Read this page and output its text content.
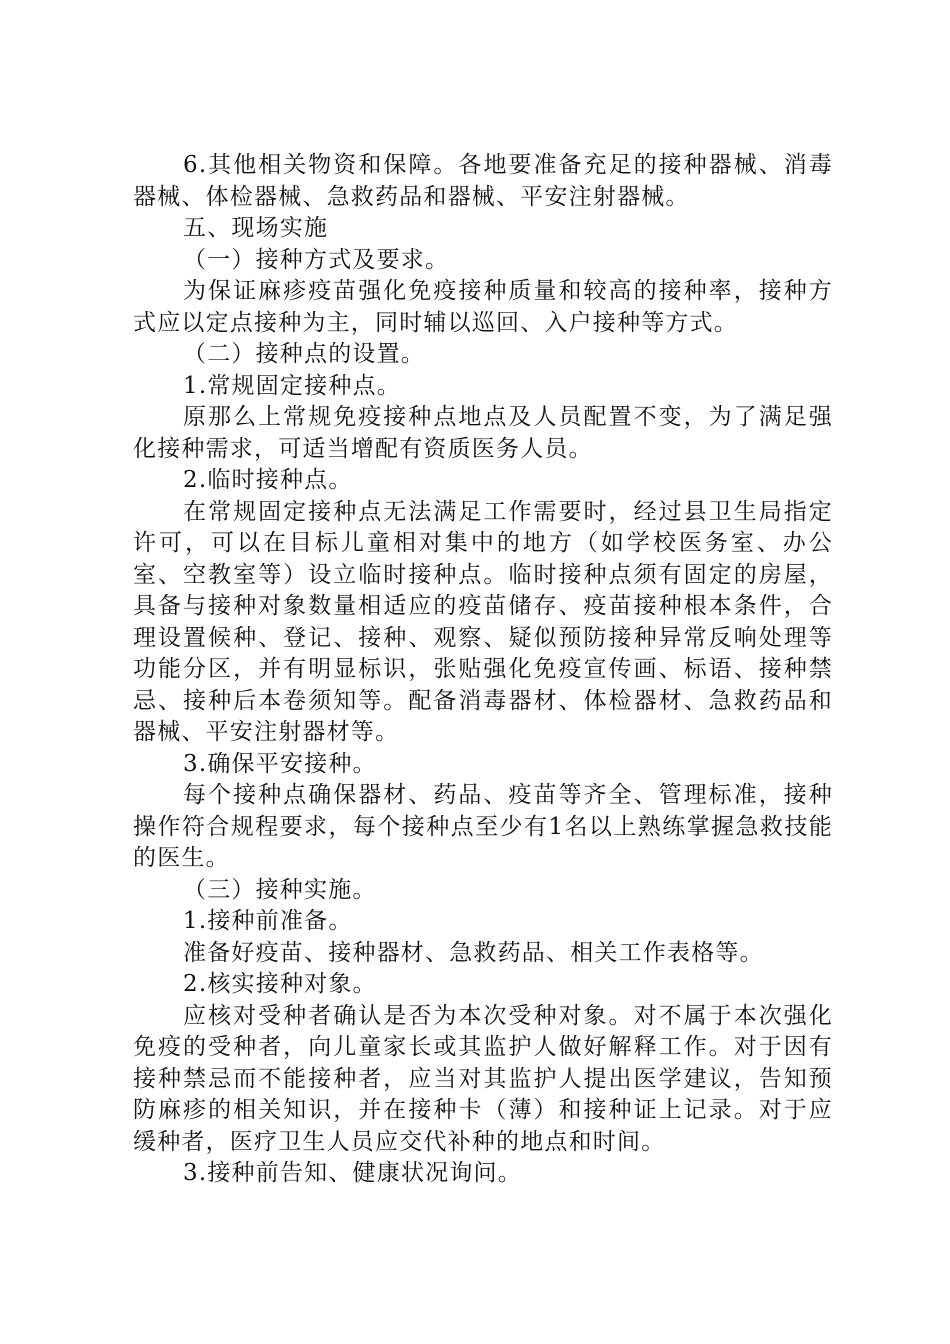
6.其他相关物资和保障。各地要准备充足的接种器械、消毒器械、体检器械、急救药品和器械、平安注射器械。

五、现场实施

（一）接种方式及要求。

为保证麻疹疫苗强化免疫接种质量和较高的接种率，接种方式应以定点接种为主，同时辅以巡回、入户接种等方式。

（二）接种点的设置。

1.常规固定接种点。

原那么上常规免疫接种点地点及人员配置不变，为了满足强化接种需求，可适当增配有资质医务人员。

2.临时接种点。

在常规固定接种点无法满足工作需要时，经过县卫生局指定许可，可以在目标儿童相对集中的地方（如学校医务室、办公室、空教室等）设立临时接种点。临时接种点须有固定的房屋，具备与接种对象数量相适应的疫苗储存、疫苗接种根本条件，合理设置候种、登记、接种、观察、疑似预防接种异常反响处理等功能分区，并有明显标识，张贴强化免疫宣传画、标语、接种禁忌、接种后本卷须知等。配备消毒器材、体检器材、急救药品和器械、平安注射器材等。

3.确保平安接种。

每个接种点确保器材、药品、疫苗等齐全、管理标准，接种操作符合规程要求，每个接种点至少有1名以上熟练掌握急救技能的医生。

（三）接种实施。

1.接种前准备。

准备好疫苗、接种器材、急救药品、相关工作表格等。

2.核实接种对象。

应核对受种者确认是否为本次受种对象。对不属于本次强化免疫的受种者，向儿童家长或其监护人做好解释工作。对于因有接种禁忌而不能接种者，应当对其监护人提出医学建议，告知预防麻疹的相关知识，并在接种卡（薄）和接种证上记录。对于应缓种者，医疗卫生人员应交代补种的地点和时间。

3.接种前告知、健康状况询问。
